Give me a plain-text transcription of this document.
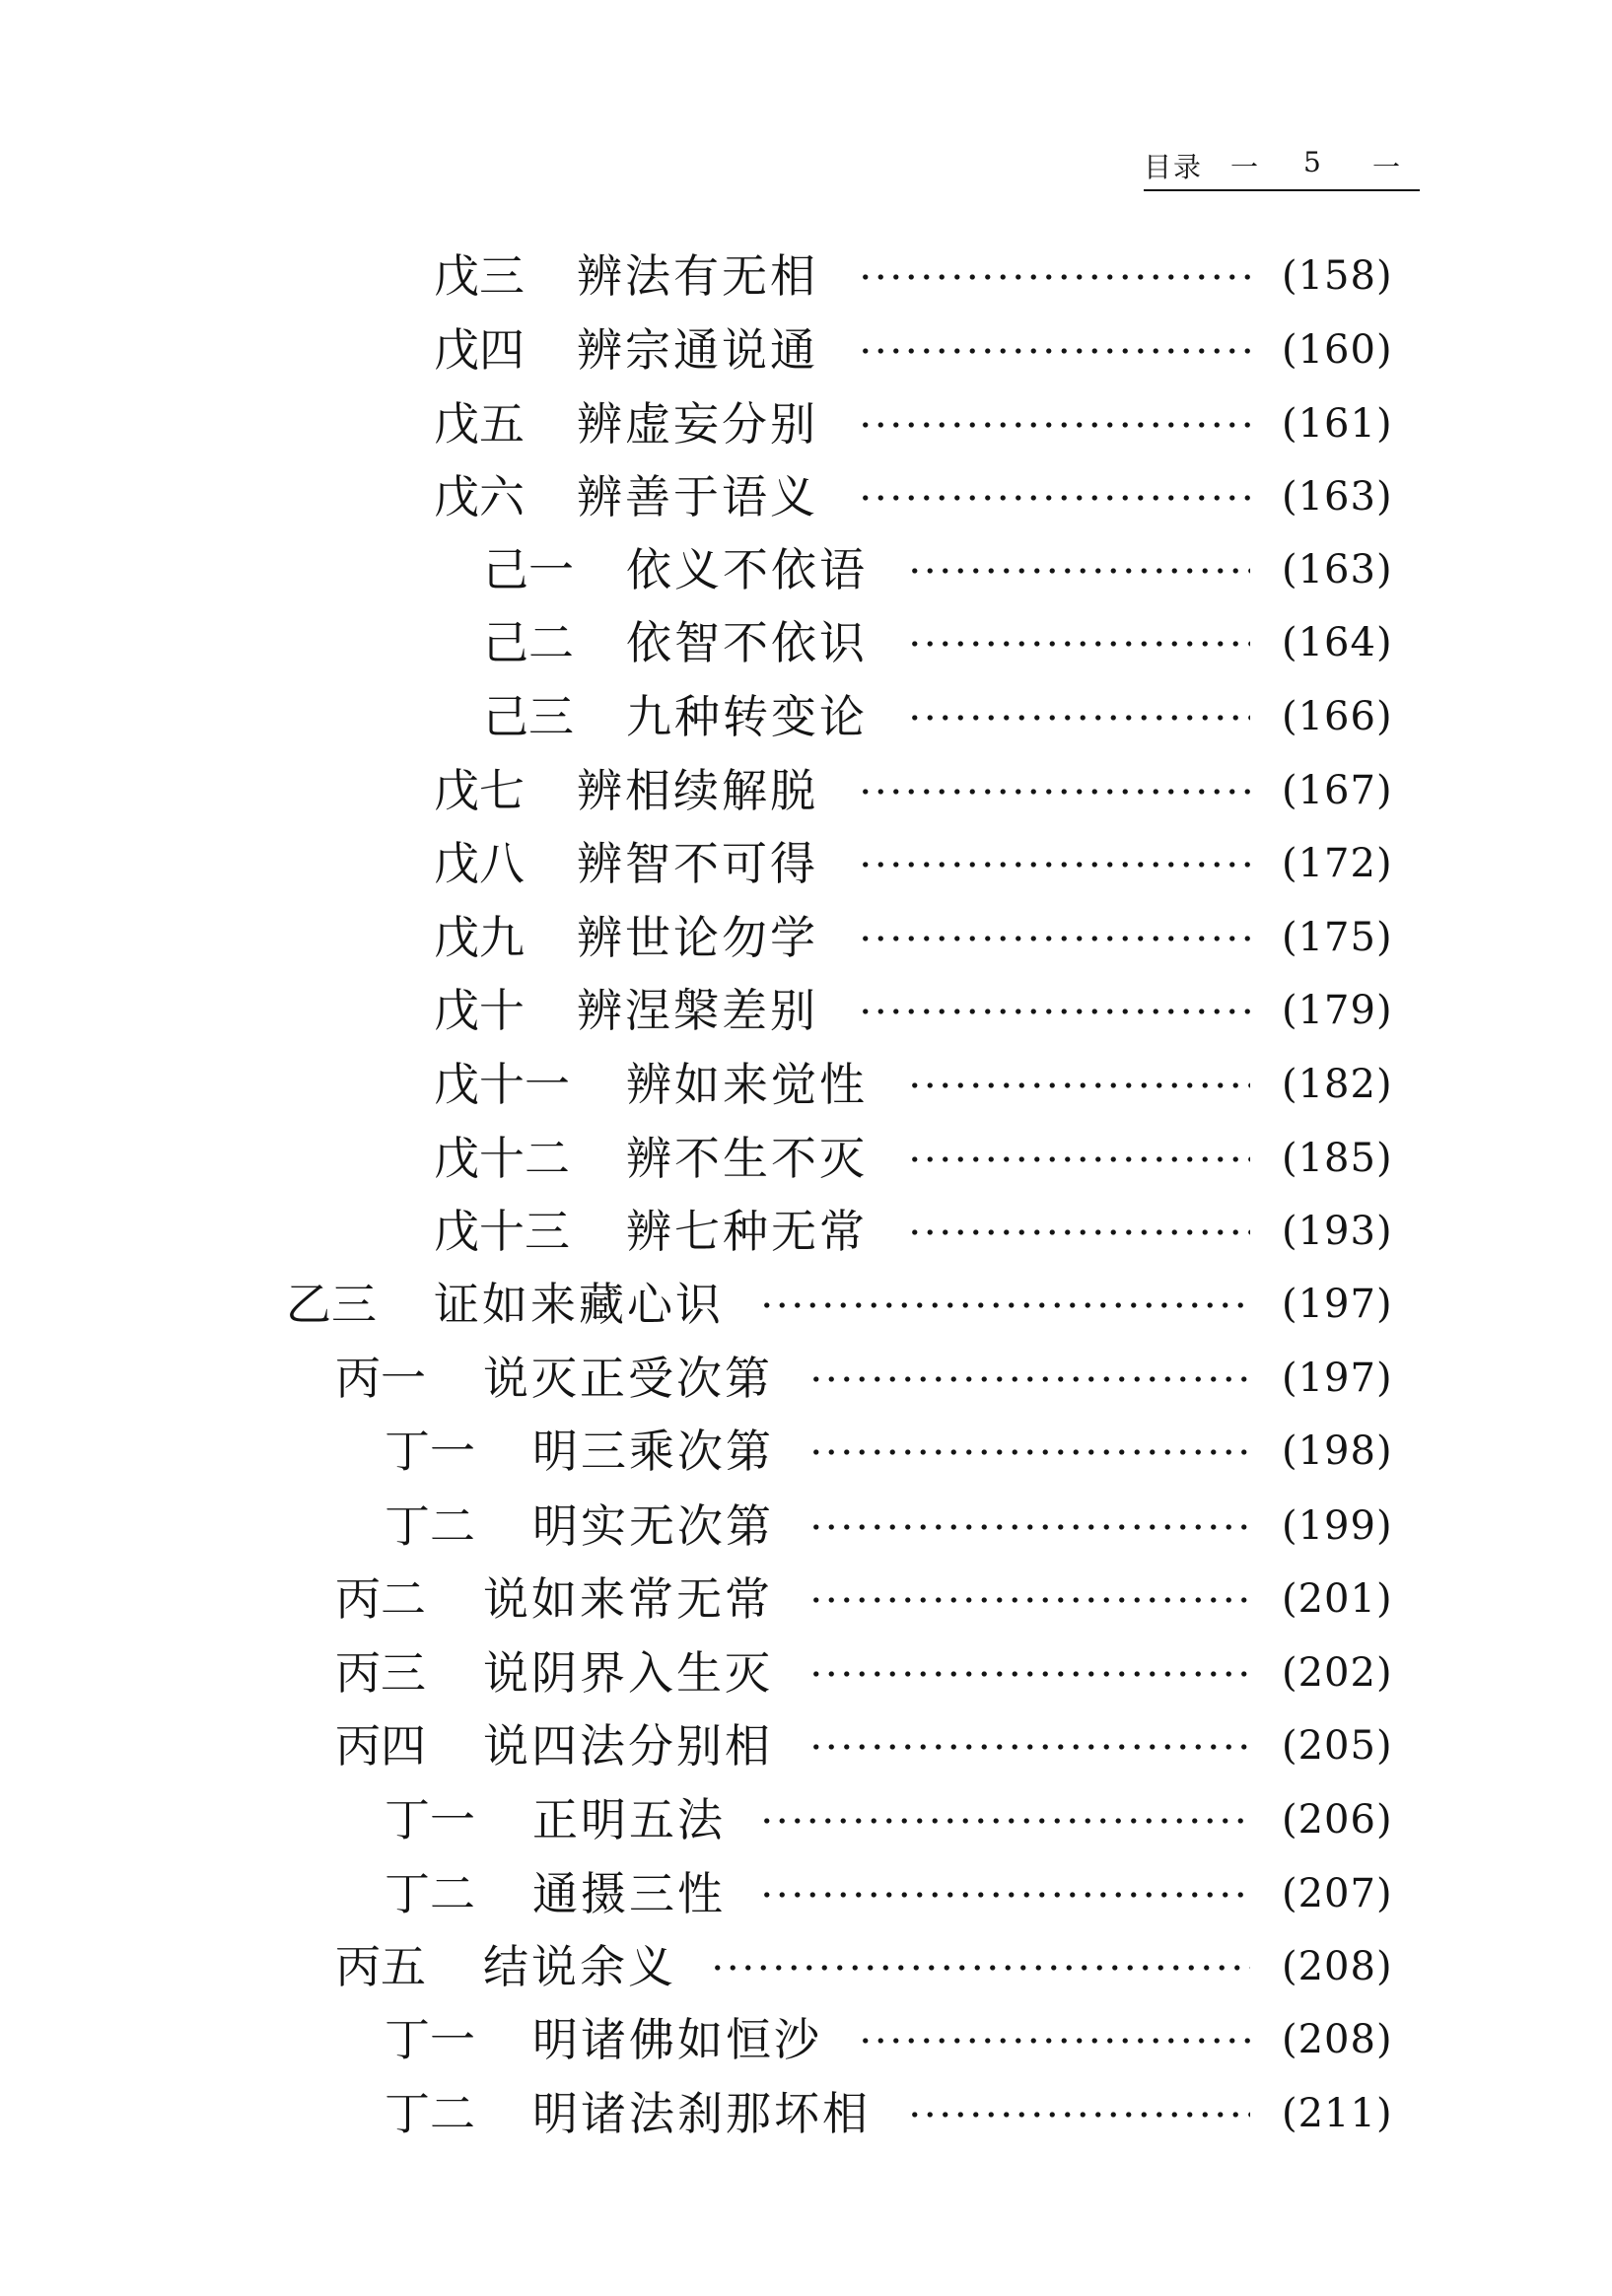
目录 一 5 一
戊三 辨法有无相	(158)
戊四 辨宗通说通	(160)
戊五 辨虚妄分别	(161)
戊六 辨善于语义	(163)
己一 依义不依语	(163)
己二 依智不依识	(164)
己三 九种转变论	(166)
戊七 辨相续解脱	(167)
戊八 辨智不可得	(172)
戊九 辨世论勿学	(175)
戊十 辨涅槃差别	(179)
戊十一 辨如来觉性	(182)
戊十二 辨不生不灭	(185)
戊十三 辨七种无常	(193)
乙三 证如来藏心识	(197)
丙一 说灭正受次第	(197)
丁一 明三乘次第	(198)
丁二 明实无次第	(199)
丙二 说如来常无常	(201)
丙三 说阴界入生灭	(202)
丙四 说四法分别相	(205)
丁一 正明五法	(206)
丁二 通摄三性	(207)
丙五 结说余义	(208)
丁一 明诸佛如恒沙	(208)
丁二 明诸法刹那坏相	(211)
